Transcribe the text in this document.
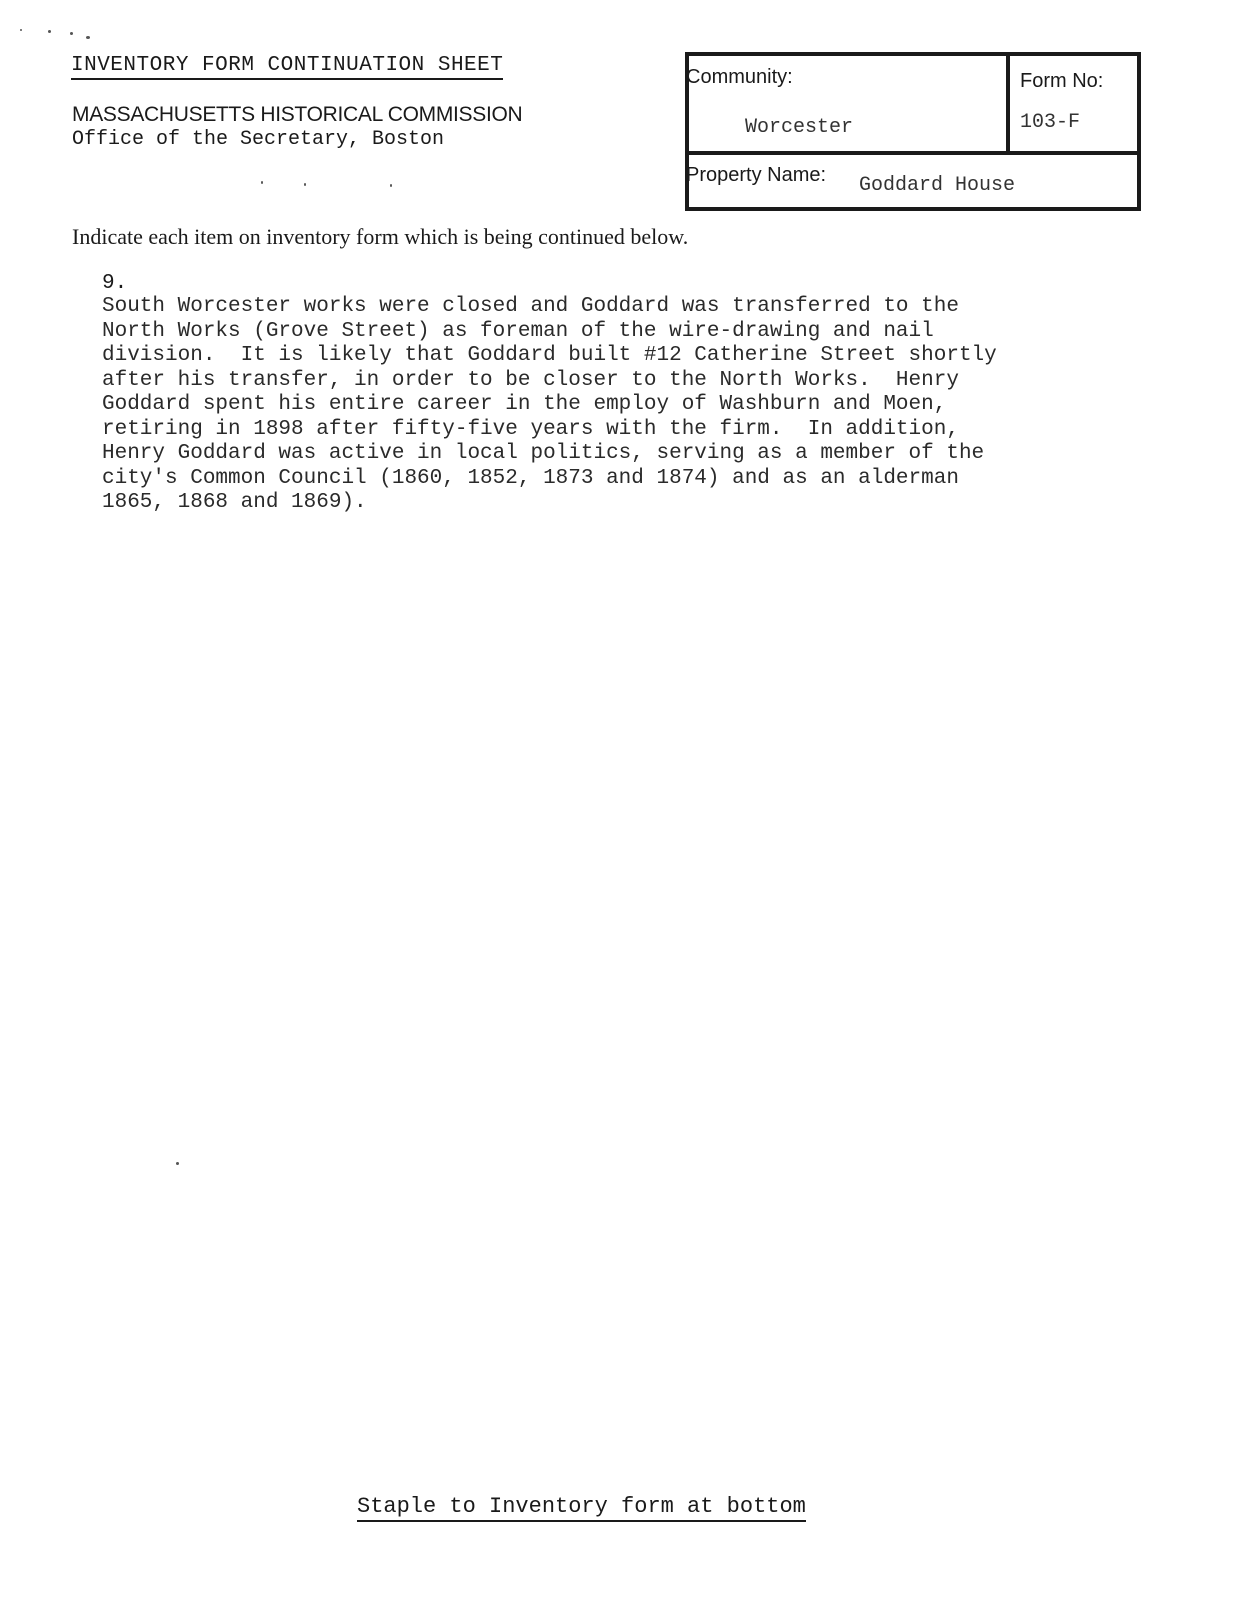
INVENTORY FORM CONTINUATION SHEET
MASSACHUSETTS HISTORICAL COMMISSION
Office of the Secretary, Boston
Community:
Worcester
Form No:
103-F
Property Name: Goddard House
Indicate each item on inventory form which is being continued below.
9.
South Worcester works were closed and Goddard was transferred to the
North Works (Grove Street) as foreman of the wire-drawing and nail
division.  It is likely that Goddard built #12 Catherine Street shortly
after his transfer, in order to be closer to the North Works.  Henry
Goddard spent his entire career in the employ of Washburn and Moen,
retiring in 1898 after fifty-five years with the firm.  In addition,
Henry Goddard was active in local politics, serving as a member of the
city's Common Council (1860, 1852, 1873 and 1874) and as an alderman
1865, 1868 and 1869).
Staple to Inventory form at bottom
